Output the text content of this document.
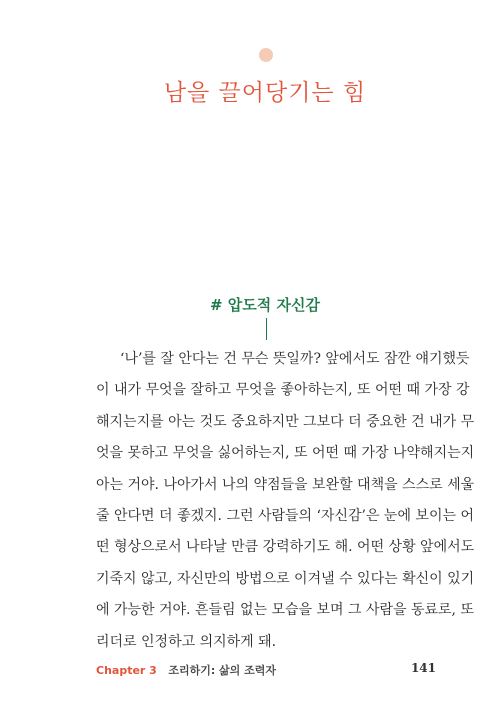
남을 끌어당기는 힘
# 압도적 자신감
‘나’를 잘 안다는 건 무슨 뜻일까? 앞에서도 잠깐 얘기했듯
이 내가 무엇을 잘하고 무엇을 좋아하는지, 또 어떤 때 가장 강
해지는지를 아는 것도 중요하지만 그보다 더 중요한 건 내가 무
엇을 못하고 무엇을 싫어하는지, 또 어떤 때 가장 나약해지는지
아는 거야. 나아가서 나의 약점들을 보완할 대책을 스스로 세울
줄 안다면 더 좋겠지. 그런 사람들의 ‘자신감’은 눈에 보이는 어
떤 형상으로서 나타날 만큼 강력하기도 해. 어떤 상황 앞에서도
기죽지 않고, 자신만의 방법으로 이겨낼 수 있다는 확신이 있기
에 가능한 거야. 흔들림 없는 모습을 보며 그 사람을 동료로, 또
리더로 인정하고 의지하게 돼.
Chapter 3 조리하기: 삶의 조력자	141
